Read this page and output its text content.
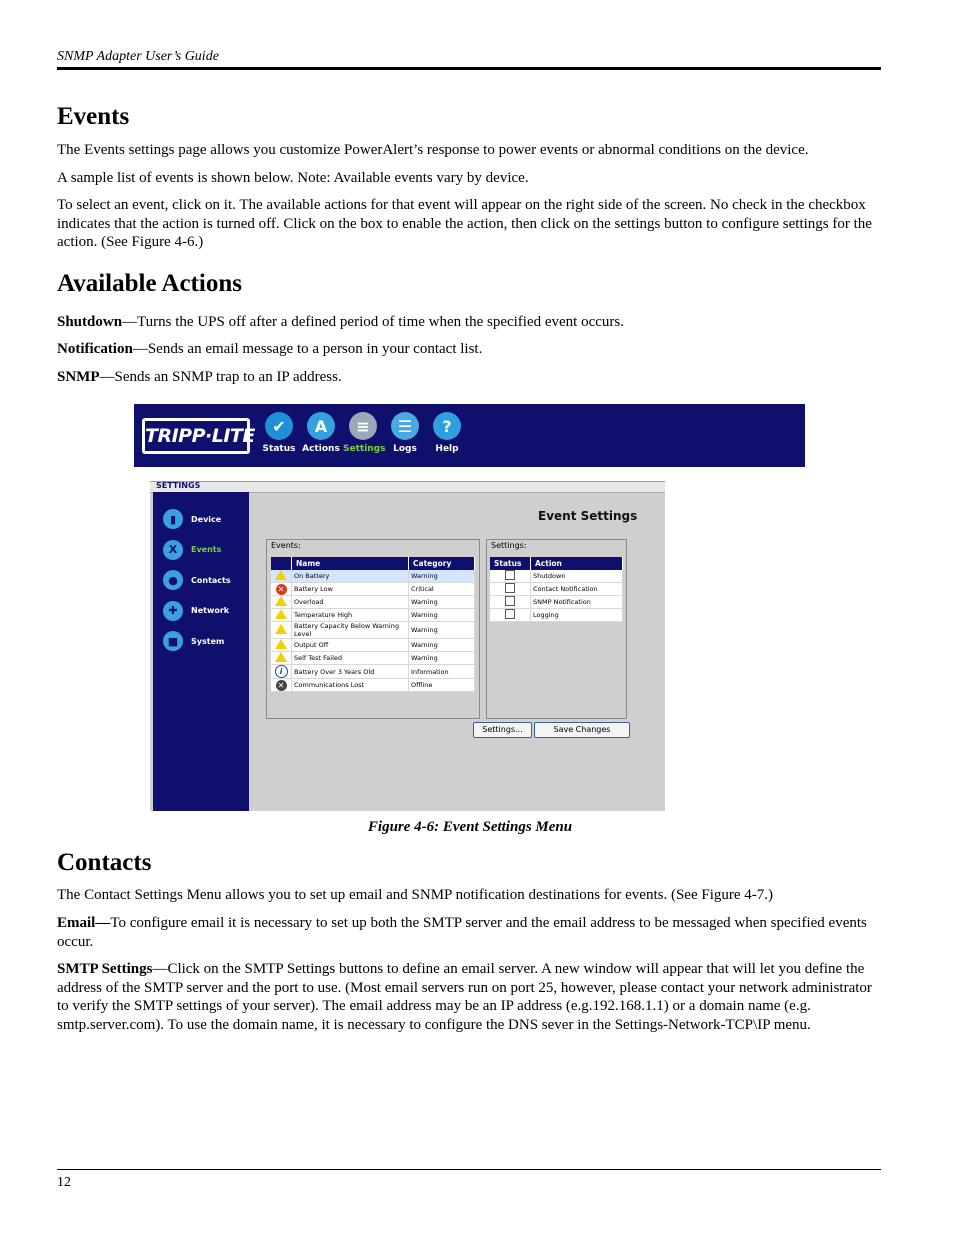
SNMP Adapter User’s Guide
Events

The Events settings page allows you customize PowerAlert’s response to power events or abnormal conditions on the device.

A sample list of events is shown below. Note: Available events vary by device.

To select an event, click on it. The available actions for that event will appear on the right side of the screen. No check in the checkbox indicates that the action is turned off. Click on the box to enable the action, then click on the settings button to configure settings for the action. (See Figure 4-6.)

Available Actions

Shutdown—Turns the UPS off after a defined period of time when the specified event occurs.

Notification—Sends an email message to a person in your contact list.

SNMP—Sends an SNMP trap to an IP address.

TRIPP·LITE	✔
Status
A
Actions
≡
Settings
☰
Logs
?
Help
SETTINGS
▮	Device
X	Events
●	Contacts
✚	Network
■	System
Event Settings
Events:
	Name	Category
	On Battery	Warning
✕	Battery Low	Critical
	Overload	Warning
	Temperature High	Warning
	Battery Capacity Below Warning Level	Warning
	Output Off	Warning
	Self Test Failed	Warning
i	Battery Over 3 Years Old	Information
✕	Communications Lost	Offline
Settings:
Status	Action
	Shutdown
	Contact Notification
	SNMP Notification
	Logging
Settings...	Save Changes
Figure 4-6: Event Settings Menu
Contacts

The Contact Settings Menu allows you to set up email and SNMP notification destinations for events. (See Figure 4-7.)

Email—To configure email it is necessary to set up both the SMTP server and the email address to be messaged when specified events occur.

SMTP Settings—Click on the SMTP Settings buttons to define an email server. A new window will appear that will let you define the address of the SMTP server and the port to use. (Most email servers run on port 25, however, please contact your network administrator to verify the SMTP settings of your server). The email address may be an IP address (e.g.192.168.1.1) or a domain name (e.g. smtp.server.com). To use the domain name, it is necessary to configure the DNS sever in the Settings-Network-TCP\IP menu.

12
